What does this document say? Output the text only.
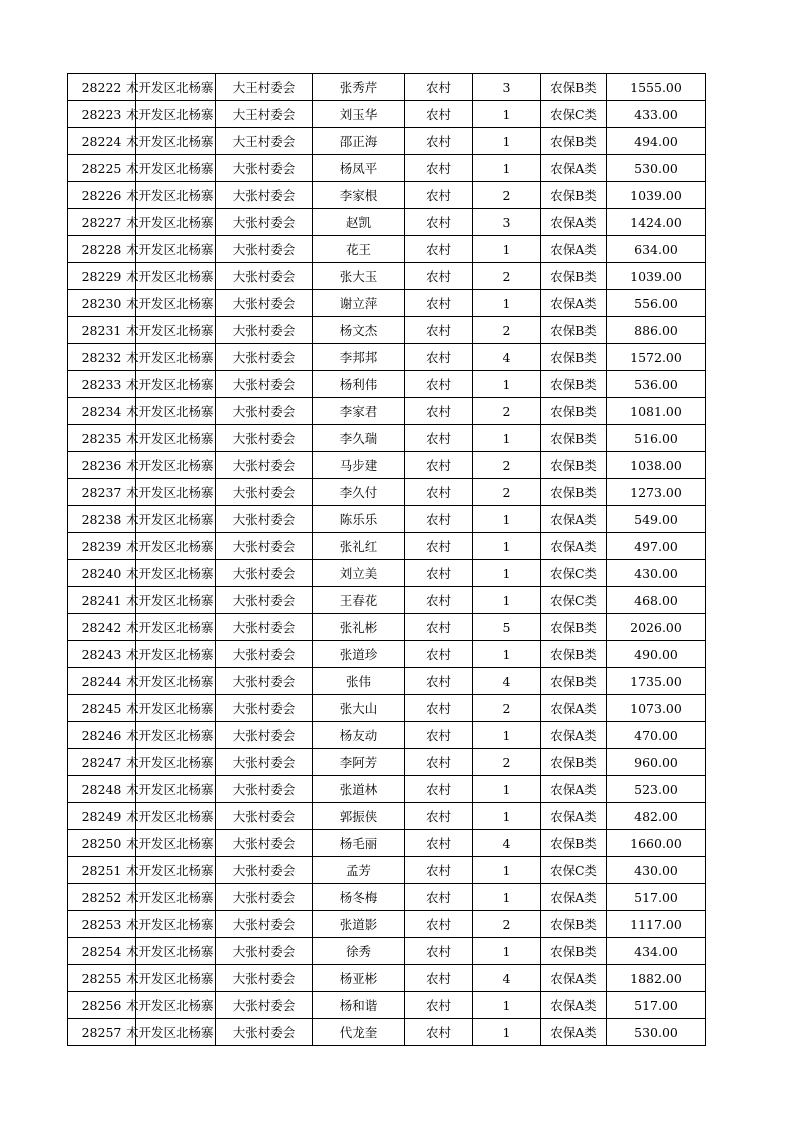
28222	术开发区北杨寨	大王村委会	张秀芹	农村	3	农保B类	1555.00
28223	术开发区北杨寨	大王村委会	刘玉华	农村	1	农保C类	433.00
28224	术开发区北杨寨	大王村委会	邵正海	农村	1	农保B类	494.00
28225	术开发区北杨寨	大张村委会	杨凤平	农村	1	农保A类	530.00
28226	术开发区北杨寨	大张村委会	李家根	农村	2	农保B类	1039.00
28227	术开发区北杨寨	大张村委会	赵凯	农村	3	农保A类	1424.00
28228	术开发区北杨寨	大张村委会	花王	农村	1	农保A类	634.00
28229	术开发区北杨寨	大张村委会	张大玉	农村	2	农保B类	1039.00
28230	术开发区北杨寨	大张村委会	谢立萍	农村	1	农保A类	556.00
28231	术开发区北杨寨	大张村委会	杨文杰	农村	2	农保B类	886.00
28232	术开发区北杨寨	大张村委会	李邦邦	农村	4	农保B类	1572.00
28233	术开发区北杨寨	大张村委会	杨利伟	农村	1	农保B类	536.00
28234	术开发区北杨寨	大张村委会	李家君	农村	2	农保B类	1081.00
28235	术开发区北杨寨	大张村委会	李久瑞	农村	1	农保B类	516.00
28236	术开发区北杨寨	大张村委会	马步建	农村	2	农保B类	1038.00
28237	术开发区北杨寨	大张村委会	李久付	农村	2	农保B类	1273.00
28238	术开发区北杨寨	大张村委会	陈乐乐	农村	1	农保A类	549.00
28239	术开发区北杨寨	大张村委会	张礼红	农村	1	农保A类	497.00
28240	术开发区北杨寨	大张村委会	刘立美	农村	1	农保C类	430.00
28241	术开发区北杨寨	大张村委会	王春花	农村	1	农保C类	468.00
28242	术开发区北杨寨	大张村委会	张礼彬	农村	5	农保B类	2026.00
28243	术开发区北杨寨	大张村委会	张道珍	农村	1	农保B类	490.00
28244	术开发区北杨寨	大张村委会	张伟	农村	4	农保B类	1735.00
28245	术开发区北杨寨	大张村委会	张大山	农村	2	农保A类	1073.00
28246	术开发区北杨寨	大张村委会	杨友动	农村	1	农保A类	470.00
28247	术开发区北杨寨	大张村委会	李阿芳	农村	2	农保B类	960.00
28248	术开发区北杨寨	大张村委会	张道林	农村	1	农保A类	523.00
28249	术开发区北杨寨	大张村委会	郭振侠	农村	1	农保A类	482.00
28250	术开发区北杨寨	大张村委会	杨毛丽	农村	4	农保B类	1660.00
28251	术开发区北杨寨	大张村委会	孟芳	农村	1	农保C类	430.00
28252	术开发区北杨寨	大张村委会	杨冬梅	农村	1	农保A类	517.00
28253	术开发区北杨寨	大张村委会	张道影	农村	2	农保B类	1117.00
28254	术开发区北杨寨	大张村委会	徐秀	农村	1	农保B类	434.00
28255	术开发区北杨寨	大张村委会	杨亚彬	农村	4	农保A类	1882.00
28256	术开发区北杨寨	大张村委会	杨和谐	农村	1	农保A类	517.00
28257	术开发区北杨寨	大张村委会	代龙奎	农村	1	农保A类	530.00
